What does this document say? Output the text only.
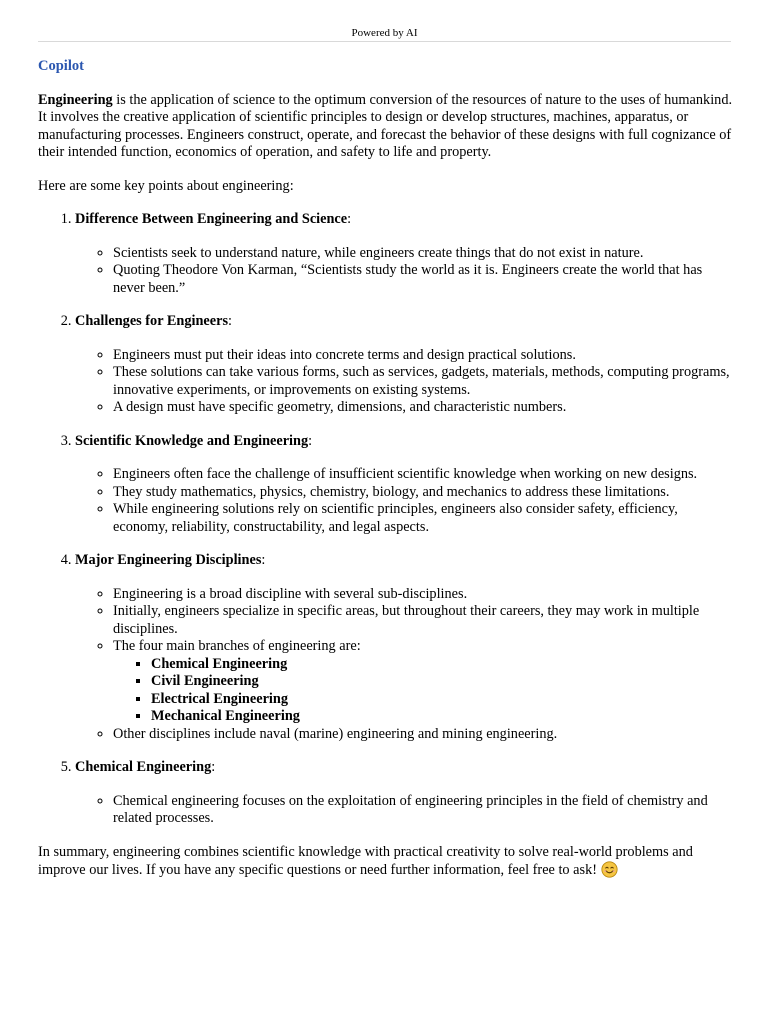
Powered by AI
Copilot

Engineering is the application of science to the optimum conversion of the resources of nature to the uses of humankind. It involves the creative application of scientific principles to design or develop structures, machines, apparatus, or manufacturing processes. Engineers construct, operate, and forecast the behavior of these designs with full cognizance of their intended function, economics of operation, and safety to life and property.

Here are some key points about engineering:

1. Difference Between Engineering and Science:
◦ Scientists seek to understand nature, while engineers create things that do not exist in nature.
◦ Quoting Theodore Von Karman, “Scientists study the world as it is. Engineers create the world that has never been.”
2. Challenges for Engineers:
◦ Engineers must put their ideas into concrete terms and design practical solutions.
◦ These solutions can take various forms, such as services, gadgets, materials, methods, computing programs, innovative experiments, or improvements on existing systems.
◦ A design must have specific geometry, dimensions, and characteristic numbers.
3. Scientific Knowledge and Engineering:
◦ Engineers often face the challenge of insufficient scientific knowledge when working on new designs.
◦ They study mathematics, physics, chemistry, biology, and mechanics to address these limitations.
◦ While engineering solutions rely on scientific principles, engineers also consider safety, efficiency, economy, reliability, constructability, and legal aspects.
4. Major Engineering Disciplines:
◦ Engineering is a broad discipline with several sub-disciplines.
◦ Initially, engineers specialize in specific areas, but throughout their careers, they may work in multiple disciplines.
◦ The four main branches of engineering are:
▪ Chemical Engineering
▪ Civil Engineering
▪ Electrical Engineering
▪ Mechanical Engineering
◦ Other disciplines include naval (marine) engineering and mining engineering.
5. Chemical Engineering:
◦ Chemical engineering focuses on the exploitation of engineering principles in the field of chemistry and related processes.

In summary, engineering combines scientific knowledge with practical creativity to solve real-world problems and improve our lives. If you have any specific questions or need further information, feel free to ask!
